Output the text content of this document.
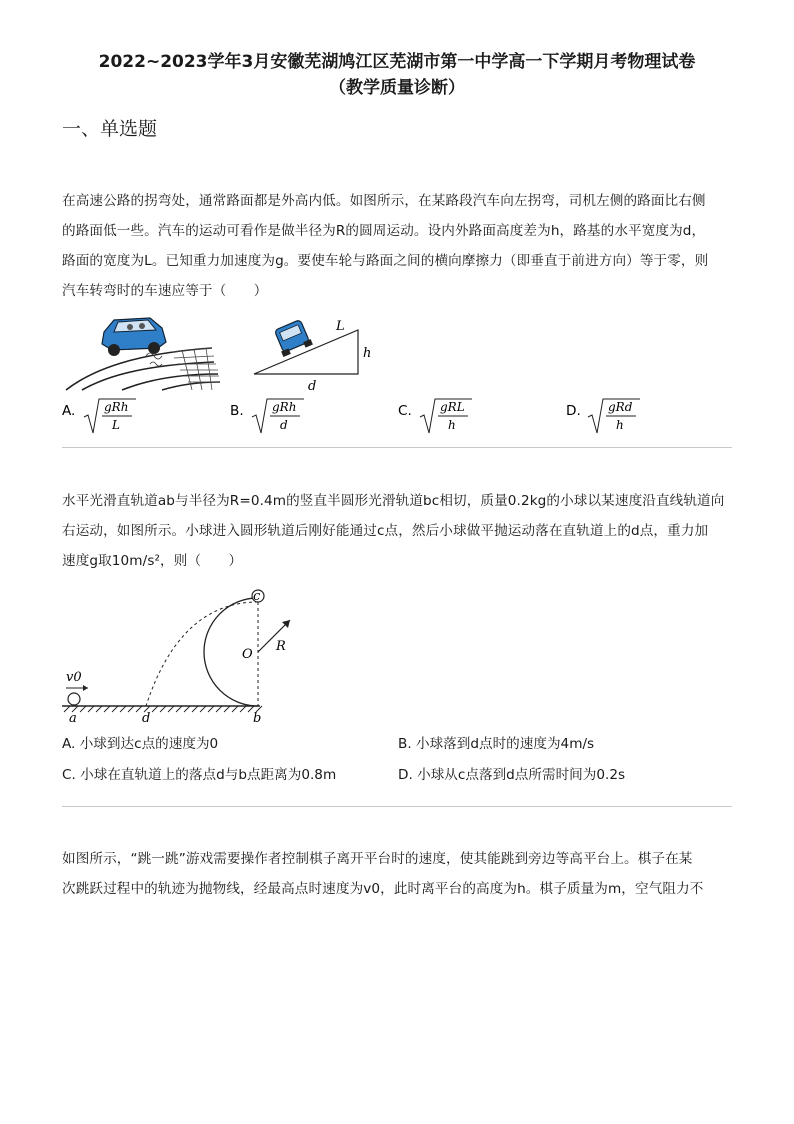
2022~2023学年3月安徽芜湖鸠江区芜湖市第一中学高一下学期月考物理试卷
（教学质量诊断）
一、单选题
在高速公路的拐弯处，通常路面都是外高内低。如图所示，在某路段汽车向左拐弯，司机左侧的路面比右侧
的路面低一些。汽车的运动可看作是做半径为R的圆周运动。设内外路面高度差为h，路基的水平宽度为d，
路面的宽度为L。已知重力加速度为g。要使车轮与路面之间的横向摩擦力（即垂直于前进方向）等于零，则
汽车转弯时的车速应等于（　　）
L
h
d
A. gRh
L
B. gRh
d
C. gRL
h
D. gRd
h
水平光滑直轨道ab与半径为R=0.4m的竖直半圆形光滑轨道bc相切，质量0.2kg的小球以某速度沿直线轨道向
右运动，如图所示。小球进入圆形轨道后刚好能通过c点，然后小球做平抛运动落在直轨道上的d点，重力加
速度g取10m/s²，则（　　）
v0
a	d	b
c
O
R
A. 小球到达c点的速度为0	B. 小球落到d点时的速度为4m/s
C. 小球在直轨道上的落点d与b点距离为0.8m	D. 小球从c点落到d点所需时间为0.2s
如图所示，“跳一跳”游戏需要操作者控制棋子离开平台时的速度，使其能跳到旁边等高平台上。棋子在某
次跳跃过程中的轨迹为抛物线，经最高点时速度为v0，此时离平台的高度为h。棋子质量为m，空气阻力不
